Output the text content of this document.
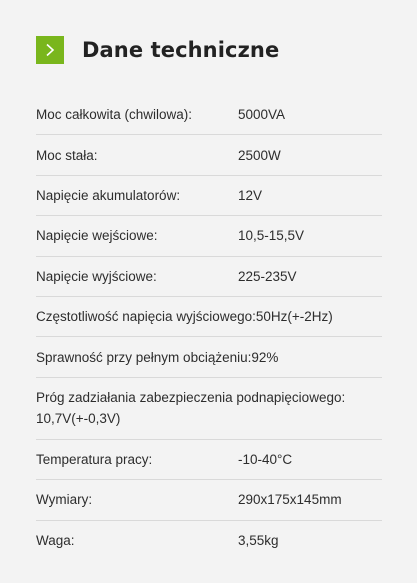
Dane techniczne
Moc całkowita (chwilowa):	5000VA
Moc stała:	2500W
Napięcie akumulatorów:	12V
Napięcie wejściowe:	10,5-15,5V
Napięcie wyjściowe:	225-235V
Częstotliwość napięcia wyjściowego:50Hz(+-2Hz)
Sprawność przy pełnym obciążeniu:92%
Próg zadziałania zabezpieczenia podnapięciowego: 10,7V(+-0,3V)
Temperatura pracy:	-10-40°C
Wymiary:	290x175x145mm
Waga:	3,55kg
